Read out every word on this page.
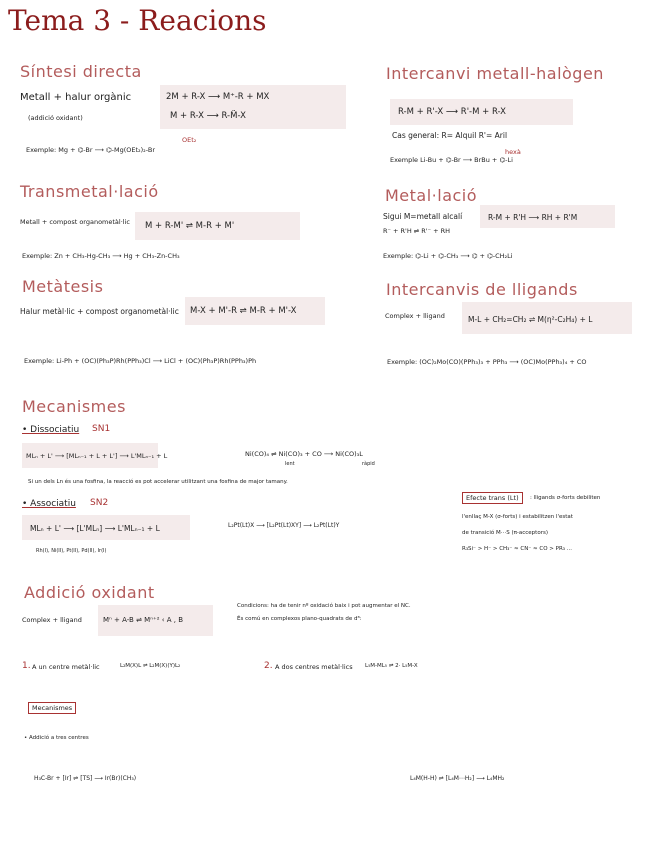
Tema 3 - Reacions
Síntesi directa
Metall + halur orgànic
(addició oxidant)
2M + R-X ⟶ M⁺-R + MX
M + R-X ⟶ R-M̈-X
OEt₂
Exemple: Mg + ⌬-Br ⟶ ⌬-Mg(OEt₂)₂-Br
Transmetal·lació
Metall + compost organometàl·lic M + R-M' ⇌ M-R + M'
Exemple: Zn + CH₃-Hg-CH₃ ⟶ Hg + CH₃-Zn-CH₃
Metàtesis
Halur metàl·lic + compost organometàl·lic M-X + M'-R ⇌ M-R + M'-X
Exemple: Li-Ph + (OC)(Ph₃P)Rh(PPh₃)Cl ⟶ LiCl + (OC)(Ph₃P)Rh(PPh₃)Ph
Intercanvi metall-halògen
R-M + R'-X ⟶ R'-M + R-X
Cas general: R= Alquil R'= Aril
Exemple Li-Bu + ⌬-Br ⟶ BrBu + ⌬-Li
hexà
Metal·lació
Sigui M=metall alcalí	R-M + R'H ⟶ RH + R'M
R⁻ + R'H ⇌ R'⁻ + RH
Exemple: ⌬-Li + ⌬-CH₃ ⟶ ⌬ + ⌬-CH₂Li
Intercanvis de lligands
Complex + lligand	M-L + CH₂=CH₂ ⇌ M(η²-C₂H₄) + L
Exemple: (OC)₂Mo(CO)(PPh₃)₃ + PPh₃ ⟶ (OC)Mo(PPh₃)₄ + CO
Mecanismes
• Dissociatiu SN1
MLₙ + L' ⟶ [MLₙ₋₁ + L + L'] ⟶ L'MLₙ₋₁ + L	Ni(CO)₄ ⇌ Ni(CO)₃ + CO ⟶ Ni(CO)₃L
lent	ràpid
Si un dels Ln és una fosfina, la reacció es pot accelerar utilitzant una fosfina de major tamany.
• Associatiu SN2
MLₙ + L' ⟶ [L'MLₙ] ⟶ L'MLₙ₋₁ + L
Rh(I), Ni(II), Pt(II), Pd(II), Ir(I)
L₂Pt(Lt)X ⟶ [L₂Pt(Lt)XY] ⟶ L₂Pt(Lt)Y
Efecte trans (Lt)	: lligands σ-forts debiliten
l'enllaç M-X (σ-forts) i estabilitzen l'estat
de transició M⋯S (π-acceptors)
R₃Si⁻ > H⁻ > CH₃⁻ ≈ CN⁻ ≈ CO > PR₃ ...
Addició oxidant
Complex + lligand	Mⁿ + A-B ⇌ Mⁿ⁺² ‹ A , B
Condicions: ha de tenir nº oxidació baix i pot augmentar el NC.
És comú en complexos plano-quadrats de d⁸:
1. A un centre metàl·lic	L₂M(X)L ⇌ L₂M(X)(Y)L₂	2. A dos centres metàl·lics L₅M-ML₅ ⇌ 2· L₅M-X
Mecanismes
• Addició a tres centres
H₃C-Br + [Ir] ⇌ [TS] ⟶ Ir(Br)(CH₃)	L₄M(H-H) ⇌ [L₄M⋯H₂] ⟶ L₄MH₂
